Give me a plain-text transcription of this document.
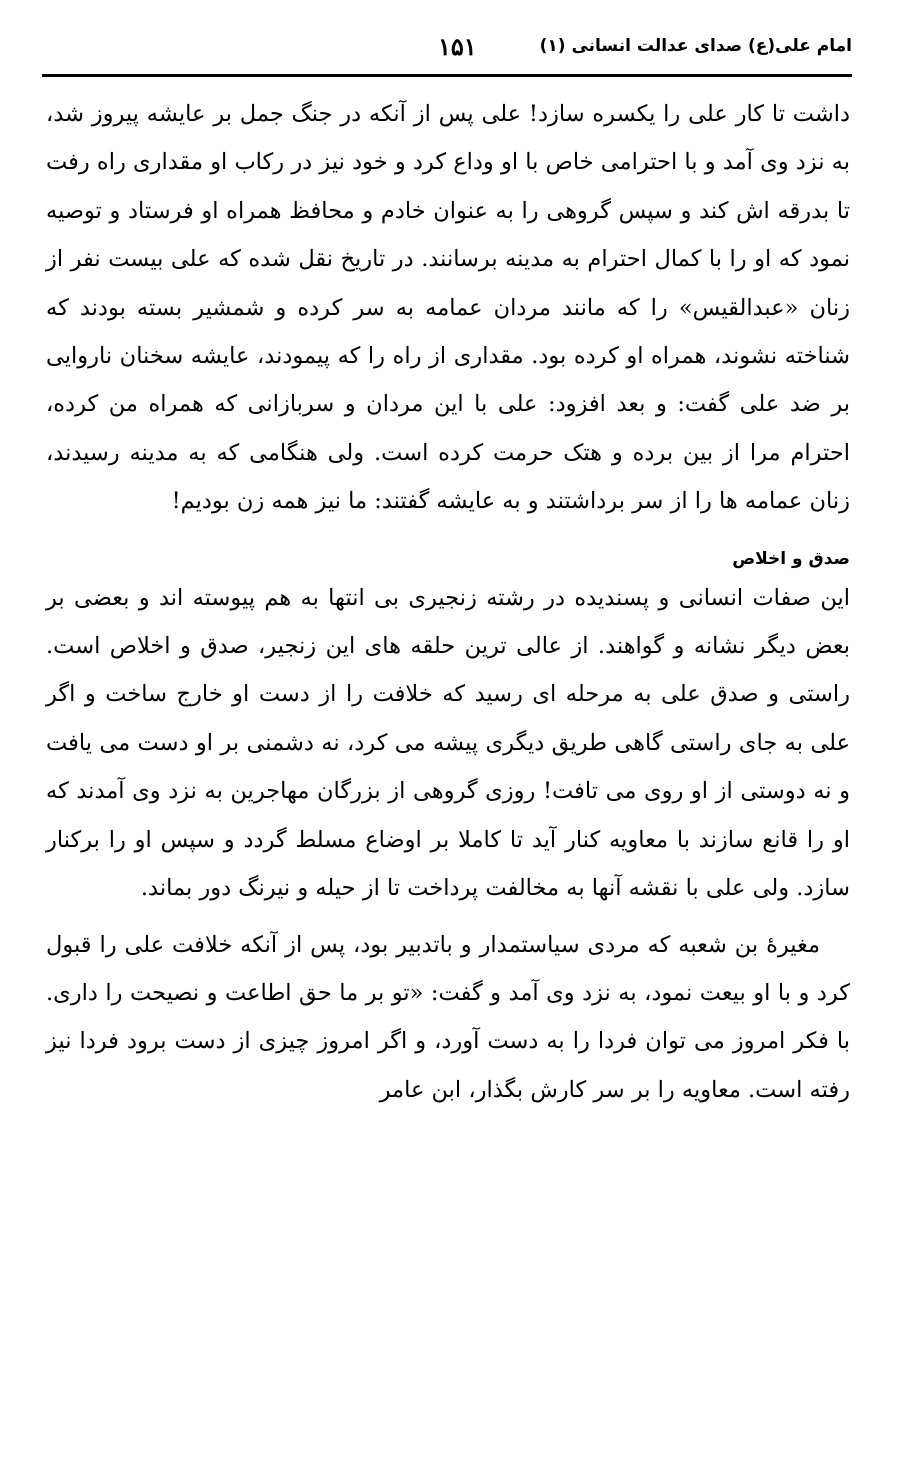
امام علی(ع) صدای عدالت انسانی (۱)
۱۵۱

داشت تا کار علی را یکسره سازد! علی پس از آنکه در جنگ جمل بر عایشه پیروز شد، به نزد وی آمد و با احترامی خاص با او وداع کرد و خود نیز در رکاب او مقداری راه رفت تا بدرقه اش کند و سپس گروهی را به عنوان خادم و محافظ همراه او فرستاد و توصیه نمود که او را با کمال احترام به مدینه برسانند. در تاریخ نقل شده که علی بیست نفر از زنان «عبدالقیس» را که مانند مردان عمامه به سر کرده و شمشیر بسته بودند که شناخته نشوند، همراه او کرده بود. مقداری از راه را که پیمودند، عایشه سخنان ناروایی بر ضد علی گفت: و بعد افزود: علی با این مردان و سربازانی که همراه من کرده، احترام مرا از بین برده و هتک حرمت کرده است. ولی هنگامی که به مدینه رسیدند، زنان عمامه ها را از سر برداشتند و به عایشه گفتند: ما نیز همه زن بودیم!

صدق و اخلاص

این صفات انسانی و پسندیده در رشته زنجیری بی انتها به هم پیوسته اند و بعضی بر بعض دیگر نشانه و گواهند. از عالی ترین حلقه های این زنجیر، صدق و اخلاص است. راستی و صدق علی به مرحله ای رسید که خلافت را از دست او خارج ساخت و اگر علی به جای راستی گاهی طریق دیگری پیشه می کرد، نه دشمنی بر او دست می یافت و نه دوستی از او روی می تافت! روزی گروهی از بزرگان مهاجرین به نزد وی آمدند که او را قانع سازند با معاویه کنار آید تا کاملا بر اوضاع مسلط گردد و سپس او را برکنار سازد. ولی علی با نقشه آنها به مخالفت پرداخت تا از حیله و نیرنگ دور بماند.

مغیرهٔ بن شعبه که مردی سیاستمدار و باتدبیر بود، پس از آنکه خلافت علی را قبول کرد و با او بیعت نمود، به نزد وی آمد و گفت: «تو بر ما حق اطاعت و نصیحت را داری. با فکر امروز می توان فردا را به دست آورد، و اگر امروز چیزی از دست برود فردا نیز رفته است. معاویه را بر سر کارش بگذار، ابن عامر
